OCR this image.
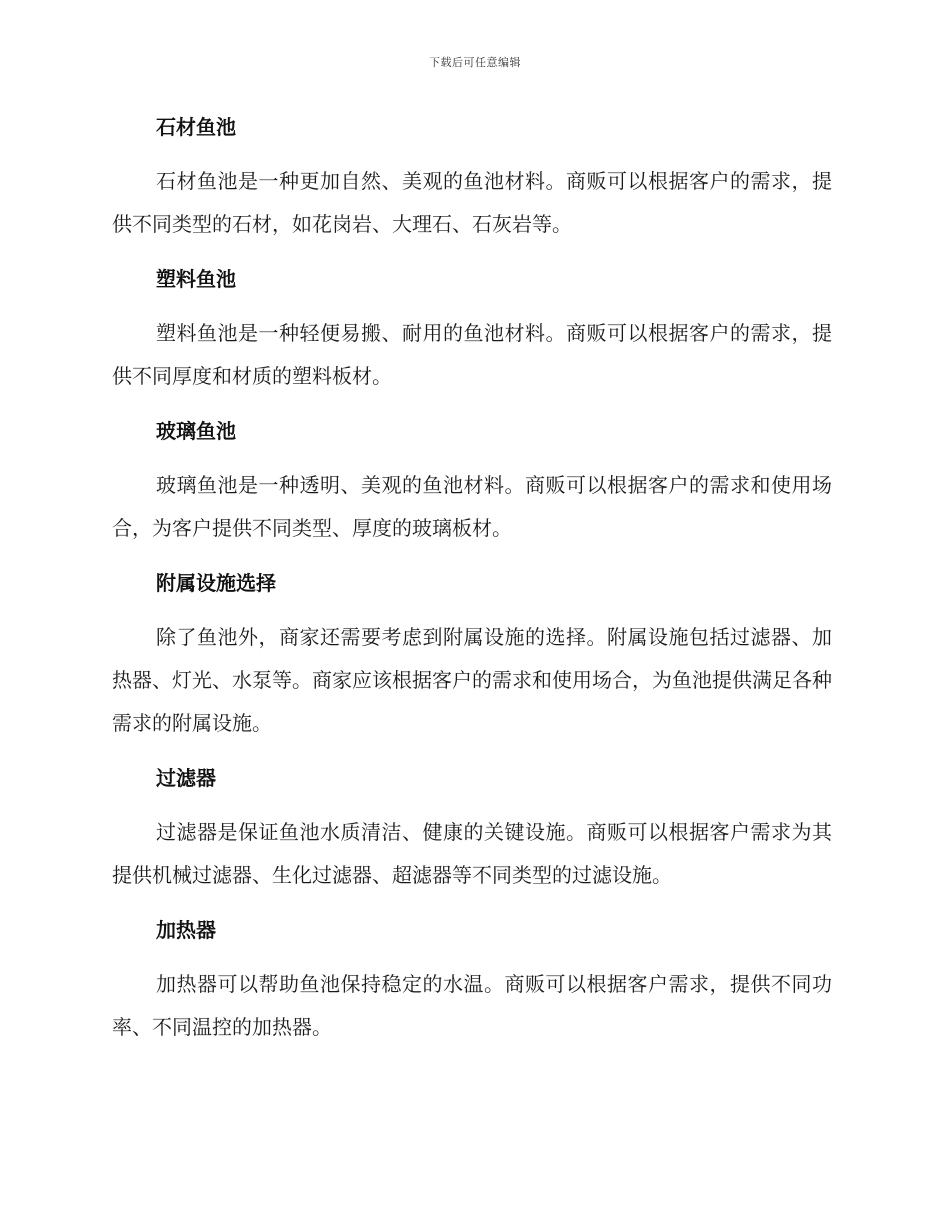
下载后可任意编辑
石材鱼池

石材鱼池是一种更加自然、美观的鱼池材料。商贩可以根据客户的需求，提供不同类型的石材，如花岗岩、大理石、石灰岩等。

塑料鱼池

塑料鱼池是一种轻便易搬、耐用的鱼池材料。商贩可以根据客户的需求，提供不同厚度和材质的塑料板材。

玻璃鱼池

玻璃鱼池是一种透明、美观的鱼池材料。商贩可以根据客户的需求和使用场合，为客户提供不同类型、厚度的玻璃板材。

附属设施选择

除了鱼池外，商家还需要考虑到附属设施的选择。附属设施包括过滤器、加热器、灯光、水泵等。商家应该根据客户的需求和使用场合，为鱼池提供满足各种需求的附属设施。

过滤器

过滤器是保证鱼池水质清洁、健康的关键设施。商贩可以根据客户需求为其提供机械过滤器、生化过滤器、超滤器等不同类型的过滤设施。

加热器

加热器可以帮助鱼池保持稳定的水温。商贩可以根据客户需求，提供不同功率、不同温控的加热器。
